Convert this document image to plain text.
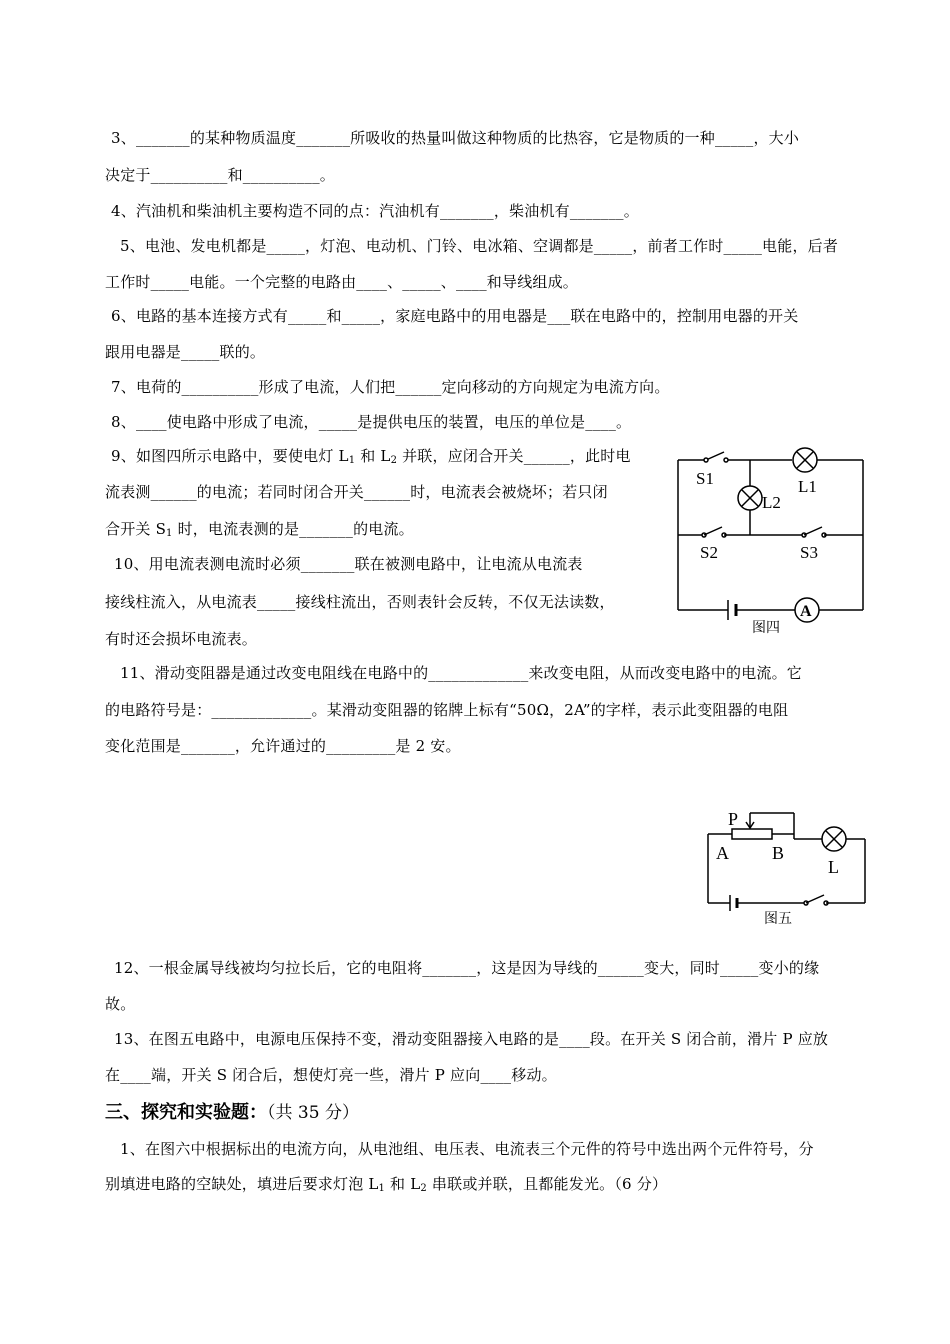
3、_______的某种物质温度_______所吸收的热量叫做这种物质的比热容，它是物质的一种_____，大小
决定于__________和__________。
4、汽油机和柴油机主要构造不同的点：汽油机有_______，柴油机有_______。
5、电池、发电机都是_____，灯泡、电动机、门铃、电冰箱、空调都是_____，前者工作时_____电能，后者
工作时_____电能。一个完整的电路由____、_____、____和导线组成。
6、电路的基本连接方式有_____和_____，家庭电路中的用电器是___联在电路中的，控制用电器的开关
跟用电器是_____联的。
7、电荷的__________形成了电流，人们把______定向移动的方向规定为电流方向。
8、____使电路中形成了电流，_____是提供电压的装置，电压的单位是____。
9、如图四所示电路中，要使电灯 $L_1$ 和 $L_2$ 并联，应闭合开关______，此时电
流表测______的电流；若同时闭合开关______时，电流表会被烧坏；若只闭
合开关 $S_1$ 时，电流表测的是_______的电流。
10、用电流表测电流时必须_______联在被测电路中，让电流从电流表
接线柱流入，从电流表_____接线柱流出，否则表针会反转，不仅无法读数，
有时还会损坏电流表。
11、滑动变阻器是通过改变电阻线在电路中的_____________来改变电阻，从而改变电路中的电流。它
的电路符号是：_____________。某滑动变阻器的铭牌上标有“50Ω，2A”的字样，表示此变阻器的电阻
变化范围是_______，允许通过的_________是 2 安。
12、一根金属导线被均匀拉长后，它的电阻将_______，这是因为导线的______变大，同时_____变小的缘
故。
13、在图五电路中，电源电压保持不变，滑动变阻器接入电路的是____段。在开关 S 闭合前，滑片 P 应放
在____端，开关 S 闭合后，想使灯亮一些，滑片 P 应向____移动。
三、探究和实验题：（共 35 分）
1、在图六中根据标出的电流方向，从电池组、电压表、电流表三个元件的符号中选出两个元件符号，分
别填进电路的空缺处，填进后要求灯泡 $L_1$ 和 $L_2$ 串联或并联，且都能发光。（6 分）
S1	L1
L2
S2	S3
A
图四
P
A B
L
图五
